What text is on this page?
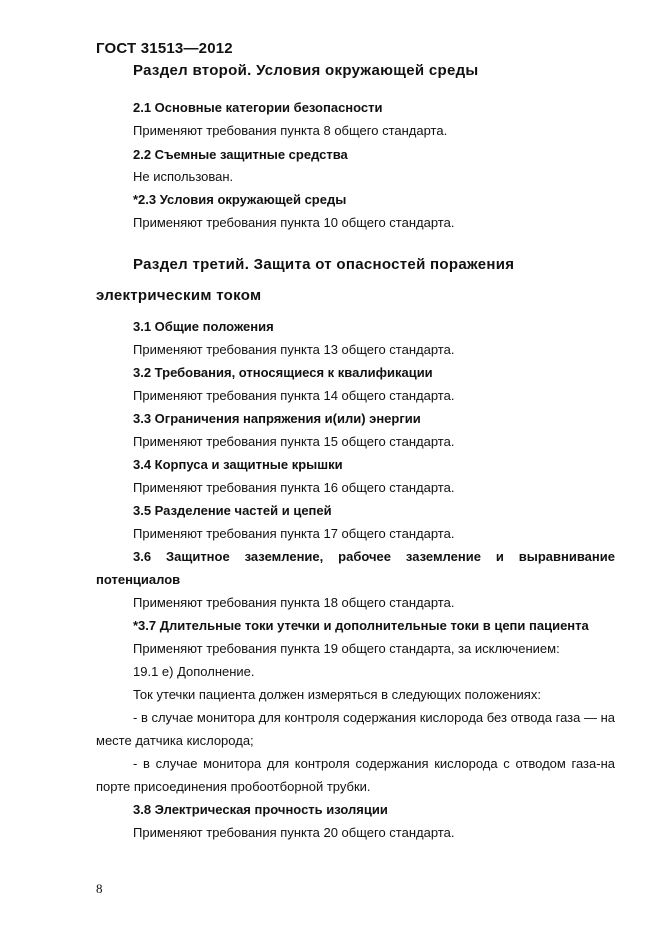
ГОСТ 31513—2012
Раздел второй. Условия окружающей среды
2.1 Основные категории безопасности
Применяют требования пункта 8 общего стандарта.
2.2 Съемные защитные средства
Не использован.
*2.3 Условия окружающей среды
Применяют требования пункта 10 общего стандарта.
Раздел третий. Защита от опасностей поражения электрическим током
3.1 Общие положения
Применяют требования пункта 13 общего стандарта.
3.2 Требования, относящиеся к квалификации
Применяют требования пункта 14 общего стандарта.
3.3 Ограничения напряжения и(или) энергии
Применяют требования пункта 15 общего стандарта.
3.4 Корпуса и защитные крышки
Применяют требования пункта 16 общего стандарта.
3.5 Разделение частей и цепей
Применяют требования пункта 17 общего стандарта.
3.6 Защитное заземление, рабочее заземление и выравнивание потенциалов
Применяют требования пункта 18 общего стандарта.
*3.7 Длительные токи утечки и дополнительные токи в цепи пациента
Применяют требования пункта 19 общего стандарта, за исключением:
19.1 е) Дополнение.
Ток утечки пациента должен измеряться в следующих положениях:
- в случае монитора для контроля содержания кислорода без отвода газа — на месте датчика кислорода;
- в случае монитора для контроля содержания кислорода с отводом газа-на порте присоединения пробоотборной трубки.
3.8 Электрическая прочность изоляции
Применяют требования пункта 20 общего стандарта.
8
